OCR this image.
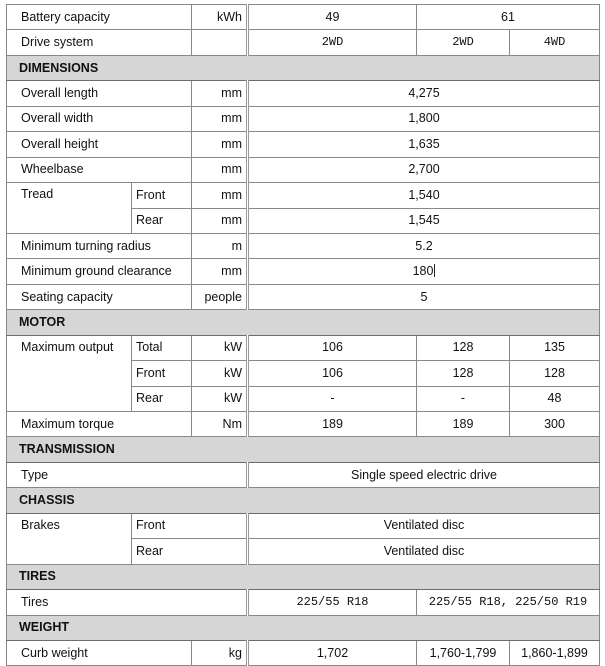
Battery capacity		kWh	49	61	
Drive system			2WD	2WD	4WD
DIMENSIONS					
Overall length		mm	4,275		
Overall width		mm	1,800		
Overall height		mm	1,635		
Wheelbase		mm	2,700		
Tread	Front	mm	1,540		
	Rear	mm	1,545		
Minimum turning radius		m	5.2		
Minimum ground clearance		mm	180		
Seating capacity		people	5		
MOTOR					
Maximum output	Total	kW	106	128	135
	Front	kW	106	128	128
	Rear	kW	-	-	48
Maximum torque		Nm	189	189	300
TRANSMISSION					
Type			Single speed electric drive		
CHASSIS					
Brakes	Front		Ventilated disc		
	Rear		Ventilated disc		
TIRES					
Tires			225/55 R18	225/55 R18, 225/50 R19	
WEIGHT					
Curb weight		kg	1,702	1,760-1,799	1,860-1,899
